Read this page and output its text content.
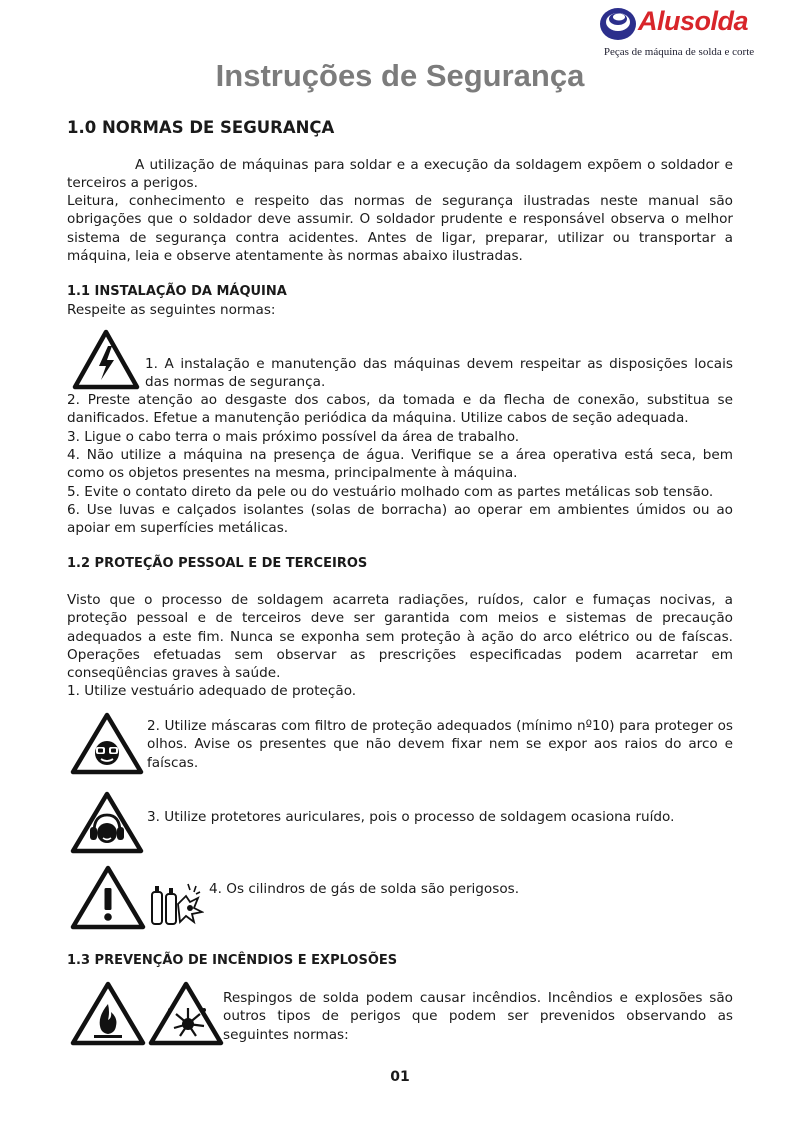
Alusolda
Peças de máquina de solda e corte
Instruções de Segurança
1.0 NORMAS DE SEGURANÇA
A utilização de máquinas para soldar e a execução da soldagem expõem o soldador e terceiros a perigos.
Leitura, conhecimento e respeito das normas de segurança ilustradas neste manual são obrigações que o soldador deve assumir. O soldador prudente e responsável observa o melhor sistema de segurança contra acidentes. Antes de ligar, preparar, utilizar ou transportar a máquina, leia e observe atentamente às normas abaixo ilustradas.
1.1 INSTALAÇÃO DA MÁQUINA
Respeite as seguintes normas:
1. A instalação e manutenção das máquinas devem respeitar as disposições locais das normas de segurança.
2. Preste atenção ao desgaste dos cabos, da tomada e da flecha de conexão, substitua se danificados. Efetue a manutenção periódica da máquina. Utilize cabos de seção adequada.
3. Ligue o cabo terra o mais próximo possível da área de trabalho.
4. Não utilize a máquina na presença de água. Verifique se a área operativa está seca, bem como os objetos presentes na mesma, principalmente à máquina.
5. Evite o contato direto da pele ou do vestuário molhado com as partes metálicas sob tensão.
6. Use luvas e calçados isolantes (solas de borracha) ao operar em ambientes úmidos ou ao apoiar em superfícies metálicas.
1.2 PROTEÇÃO PESSOAL E DE TERCEIROS
Visto que o processo de soldagem acarreta radiações, ruídos, calor e fumaças nocivas, a proteção pessoal e de terceiros deve ser garantida com meios e sistemas de precaução adequados a este fim. Nunca se exponha sem proteção à ação do arco elétrico ou de faíscas. Operações efetuadas sem observar as prescrições especificadas podem acarretar em conseqüências graves à saúde.
1. Utilize vestuário adequado de proteção.
2. Utilize máscaras com filtro de proteção adequados (mínimo nº10) para proteger os olhos. Avise os presentes que não devem fixar nem se expor aos raios do arco e faíscas.
3. Utilize protetores auriculares, pois o processo de soldagem ocasiona ruído.
4. Os cilindros de gás de solda são perigosos.
1.3 PREVENÇÃO DE INCÊNDIOS E EXPLOSÕES
Respingos de solda podem causar incêndios. Incêndios e explosões são outros tipos de perigos que podem ser prevenidos observando as seguintes normas:
01
